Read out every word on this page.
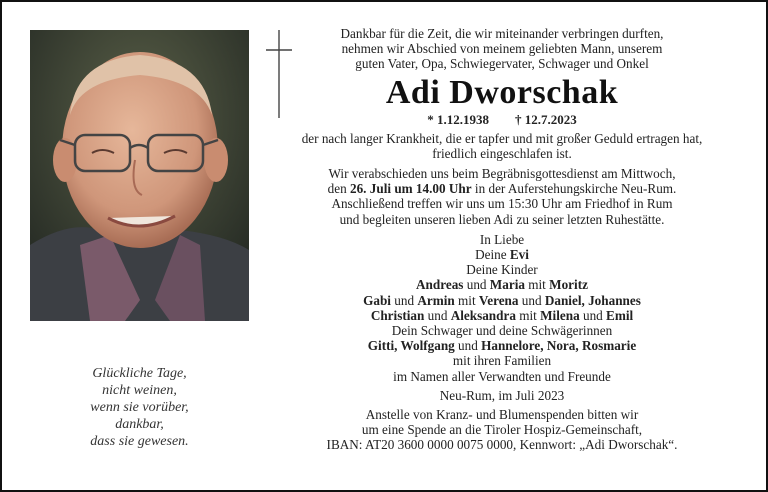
Glückliche Tage,
nicht weinen,
wenn sie vorüber,
dankbar,
dass sie gewesen.
Dankbar für die Zeit, die wir miteinander verbringen durften,
nehmen wir Abschied von meinem geliebten Mann, unserem
guten Vater, Opa, Schwiegervater, Schwager und Onkel
Adi Dworschak
* 1.12.1938 † 12.7.2023
der nach langer Krankheit, die er tapfer und mit großer Geduld ertragen hat,
friedlich eingeschlafen ist.
Wir verabschieden uns beim Begräbnisgottesdienst am Mittwoch,
den 26. Juli um 14.00 Uhr in der Auferstehungskirche Neu-Rum.
Anschließend treffen wir uns um 15:30 Uhr am Friedhof in Rum
und begleiten unseren lieben Adi zu seiner letzten Ruhestätte.
In Liebe
Deine Evi
Deine Kinder
Andreas und Maria mit Moritz
Gabi und Armin mit Verena und Daniel, Johannes
Christian und Aleksandra mit Milena und Emil
Dein Schwager und deine Schwägerinnen
Gitti, Wolfgang und Hannelore, Nora, Rosmarie
mit ihren Familien
im Namen aller Verwandten und Freunde
Neu-Rum, im Juli 2023
Anstelle von Kranz- und Blumenspenden bitten wir
um eine Spende an die Tiroler Hospiz-Gemeinschaft,
IBAN: AT20 3600 0000 0075 0000, Kennwort: „Adi Dworschak“.
